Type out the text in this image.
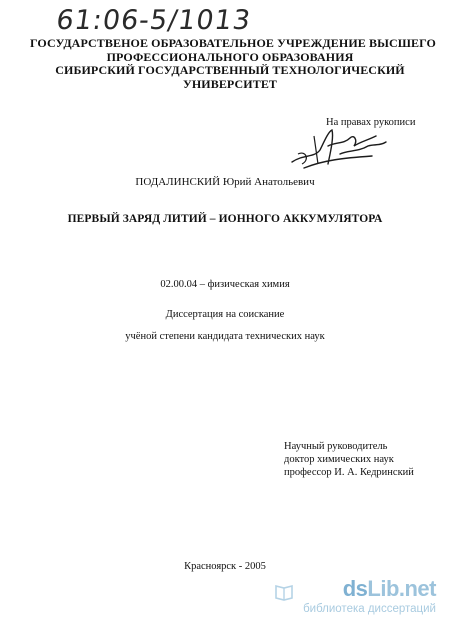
61:06-5/1013
ГОСУДАРСТВЕНОЕ ОБРАЗОВАТЕЛЬНОЕ УЧРЕЖДЕНИЕ ВЫСШЕГО
ПРОФЕССИОНАЛЬНОГО ОБРАЗОВАНИЯ
СИБИРСКИЙ ГОСУДАРСТВЕННЫЙ ТЕХНОЛОГИЧЕСКИЙ
УНИВЕРСИТЕТ
На правах рукописи
ПОДАЛИНСКИЙ Юрий Анатольевич
ПЕРВЫЙ ЗАРЯД ЛИТИЙ – ИОННОГО АККУМУЛЯТОРА
02.00.04 – физическая химия
Диссертация на соискание
учёной степени кандидата технических наук
Научный руководитель
доктор химических наук
профессор И. А. Кедринский
Красноярск - 2005
dsLib.net
библиотека диссертаций
